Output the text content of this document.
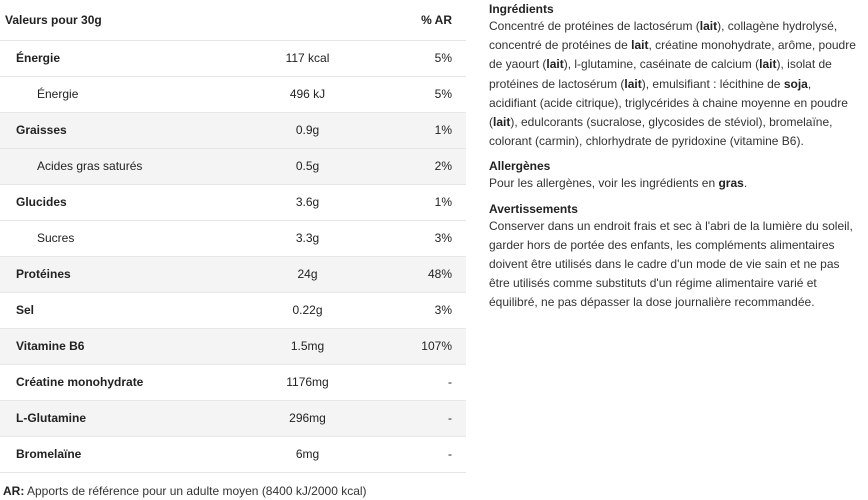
Valeurs pour 30g		% AR
Énergie	117 kcal	5%
Énergie	496 kJ	5%
Graisses	0.9g	1%
Acides gras saturés	0.5g	2%
Glucides	3.6g	1%
Sucres	3.3g	3%
Protéines	24g	48%
Sel	0.22g	3%
Vitamine B6	1.5mg	107%
Créatine monohydrate	1176mg	-
L-Glutamine	296mg	-
Bromelaïne	6mg	-
AR: Apports de référence pour un adulte moyen (8400 kJ/2000 kcal)
Ingrédients

Concentré de protéines de lactosérum (lait), collagène hydrolysé, concentré de protéines de lait, créatine monohydrate, arôme, poudre de yaourt (lait), l-glutamine, caséinate de calcium (lait), isolat de protéines de lactosérum (lait), emulsifiant : lécithine de soja, acidifiant (acide citrique), triglycérides à chaine moyenne en poudre (lait), edulcorants (sucralose, glycosides de stéviol), bromelaïne, colorant (carmin), chlorhydrate de pyridoxine (vitamine B6).

Allergènes

Pour les allergènes, voir les ingrédients en gras.

Avertissements

Conserver dans un endroit frais et sec à l'abri de la lumière du soleil, garder hors de portée des enfants, les compléments alimentaires doivent être utilisés dans le cadre d'un mode de vie sain et ne pas être utilisés comme substituts d'un régime alimentaire varié et équilibré, ne pas dépasser la dose journalière recommandée.
